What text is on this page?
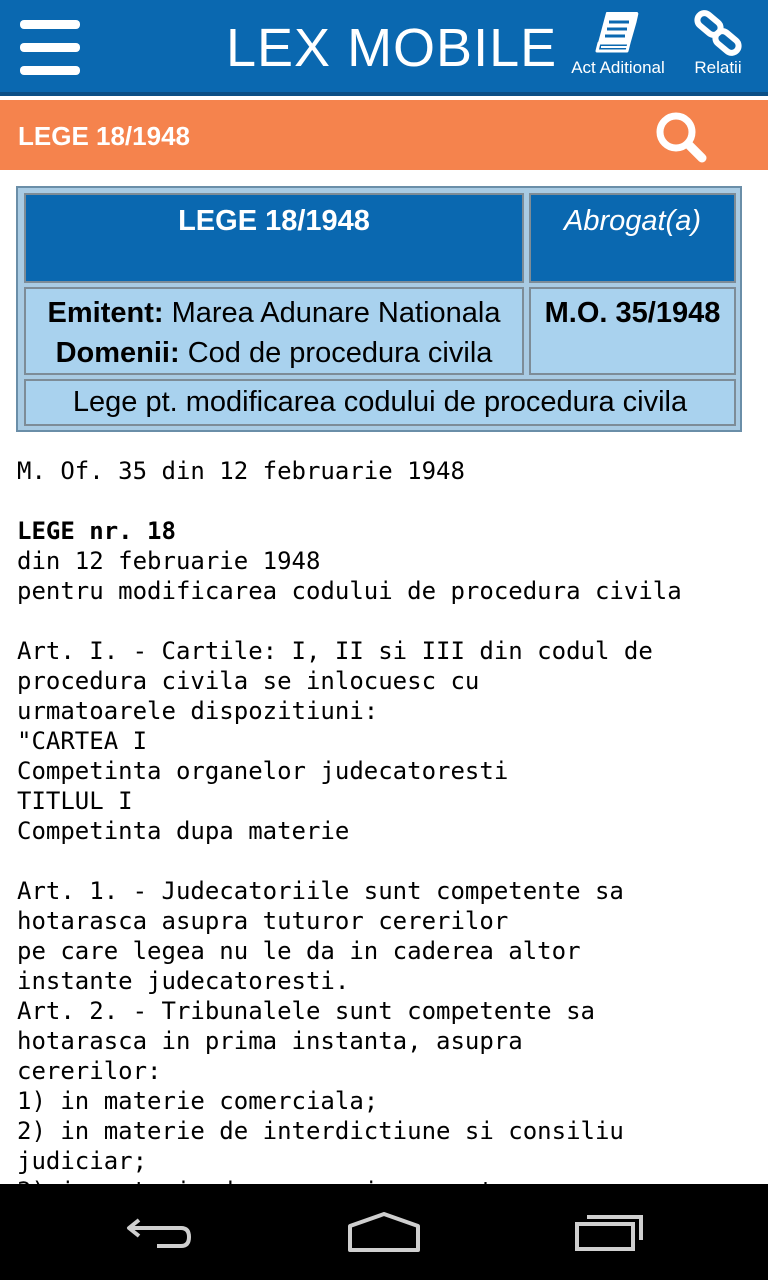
LEX MOBILE Act Aditional	Relatii
LEGE 18/1948
LEGE 18/1948	Abrogat(a)
Emitent: Marea Adunare Nationala
Domenii: Cod de procedura civila
M.O. 35/1948
Lege pt. modificarea codului de procedura civila
M. Of. 35 din 12 februarie 1948
LEGE nr. 18
din 12 februarie 1948
pentru modificarea codului de procedura civila
Art. I. - Cartile: I, II si III din codul de
procedura civila se inlocuesc cu
urmatoarele dispozitiuni:
"CARTEA I
Competinta organelor judecatoresti
TITLUL I
Competinta dupa materie
Art. 1. - Judecatoriile sunt competente sa
hotarasca asupra tuturor cererilor
pe care legea nu le da in caderea altor
instante judecatoresti.
Art. 2. - Tribunalele sunt competente sa
hotarasca in prima instanta, asupra
cererilor:
1) in materie comerciala;
2) in materie de interdictiune si consiliu
judiciar;
